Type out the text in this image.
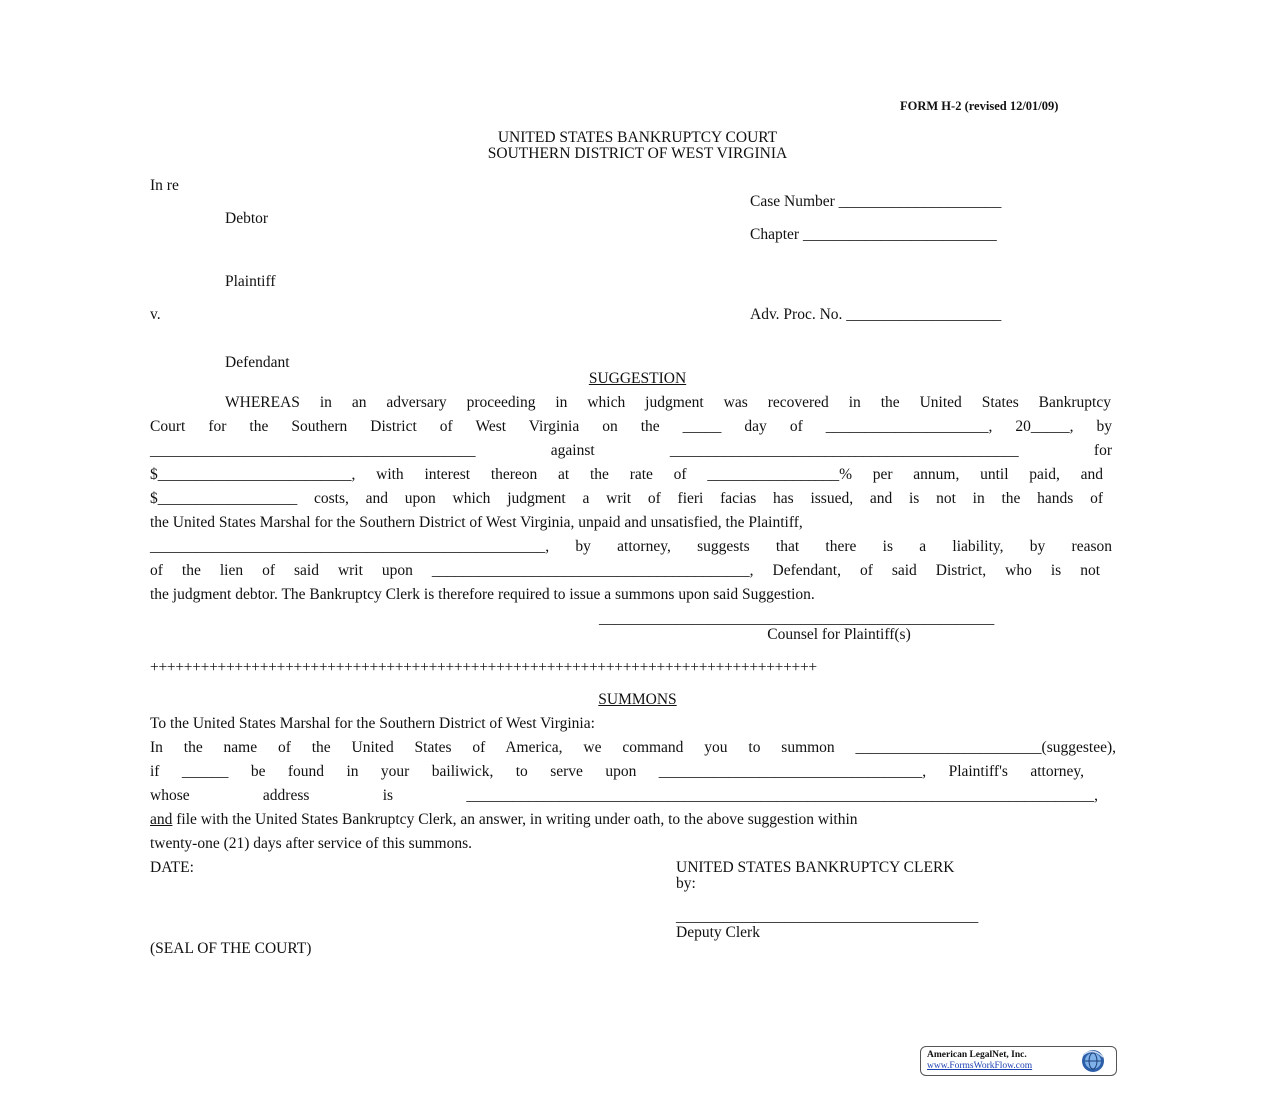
FORM H-2 (revised 12/01/09)
UNITED STATES BANKRUPTCY COURT
SOUTHERN DISTRICT OF WEST VIRGINIA
In re
Case Number _____________________
Debtor
Chapter _________________________
Plaintiff
v.	Adv. Proc. No. ____________________
Defendant
SUGGESTION
WHEREAS in an adversary proceeding in which judgment was recovered in the United States Bankruptcy
Court for the Southern District of West Virginia on the _____ day of _____________________, 20_____, by
__________________________________________ against _____________________________________________ for
$_________________________, with interest thereon at the rate of _________________% per annum, until paid, and
$__________________ costs, and upon which judgment a writ of fieri facias has issued, and is not in the hands of
the United States Marshal for the Southern District of West Virginia, unpaid and unsatisfied, the Plaintiff,
___________________________________________________, by attorney, suggests that there is a liability, by reason
of the lien of said writ upon _________________________________________, Defendant, of said District, who is not
the judgment debtor. The Bankruptcy Clerk is therefore required to issue a summons upon said Suggestion.
___________________________________________________
Counsel for Plaintiff(s)
+++++++++++++++++++++++++++++++++++++++++++++++++++++++++++++++++++++++++++++++
SUMMONS
To the United States Marshal for the Southern District of West Virginia:
In the name of the United States of America, we command you to summon ________________________(suggestee),
if ______ be found in your bailiwick, to serve upon __________________________________, Plaintiff's attorney,
whose address is _________________________________________________________________________________,
and file with the United States Bankruptcy Clerk, an answer, in writing under oath, to the above suggestion within
twenty-one (21) days after service of this summons.
DATE:	UNITED STATES BANKRUPTCY CLERK
by:
_______________________________________
Deputy Clerk
(SEAL OF THE COURT)
American LegalNet, Inc.
www.FormsWorkFlow.com
